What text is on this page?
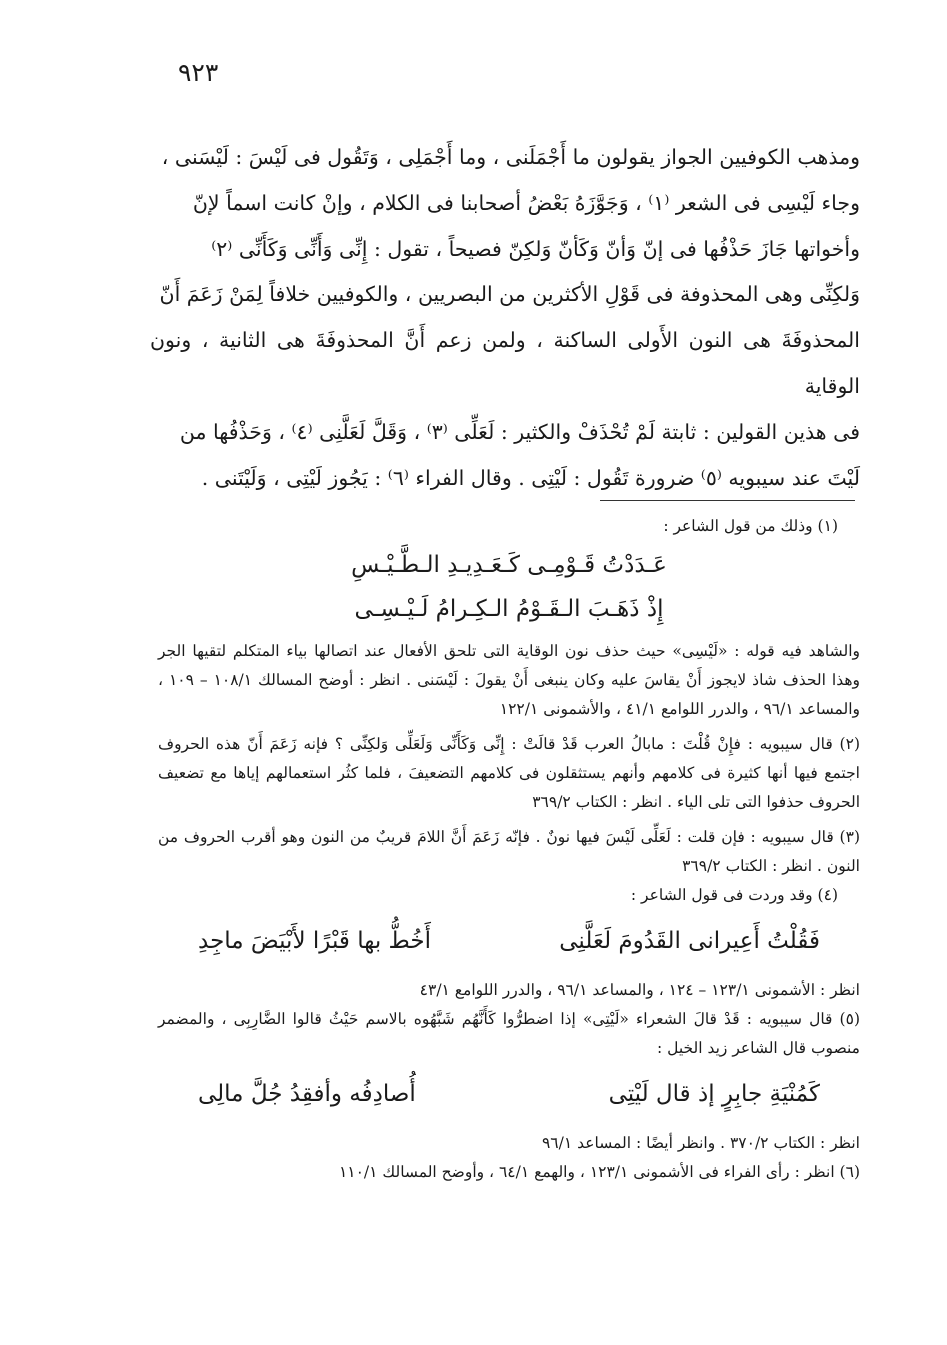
٩٢٣

ومذهب الكوفيين الجواز يقولون ما أَجْمَلَنى ، وما أَجْمَلِى ، وَتَقُول فى لَيْسَ : لَيْسَنى ،

وجاء لَيْسِى فى الشعر ⁽١⁾ ، وَجَوَّزَهُ بَعْضُ أصحابنا فى الكلام ، وإنْ كانت اسماً لإنّ

وأخواتها جَازَ حَذْفُها فى إنّ وَأنّ وَكَأنّ وَلكِنّ فصيحاً ، تقول : إِنِّى وَأَنِّى وَكَأَنِّى ⁽٢⁾

وَلكِنِّى وهى المحذوفة فى قَوْلِ الأكثرين من البصريين ، والكوفيين خلافاً لِمَنْ زَعَمَ أَنّ

المحذوفَةَ هى النون الأَولى الساكنة ، ولمن زعم أَنَّ المحذوفَةَ هى الثانية ، ونون الوقاية

فى هذين القولين : ثابتة لَمْ تُحْذَفْ والكثير : لَعَلِّى ⁽٣⁾ ، وَقَلَّ لَعَلَّنِى ⁽٤⁾ ، وَحَذْفُها من

لَيْتَ عند سيبويه ⁽٥⁾ ضرورة تَقُول : لَيْتِى . وقال الفراء ⁽٦⁾ : يَجُوز لَيْتِى ، وَلَيْتَنى .

(١) وذلك من قول الشاعر :

عَـدَدْتُ قَـوْمِـى كَـعَـدِيـدِ الـطَّـيْـسِ
إِذْ ذَهَـبَ الـقَـوْمُ الـكِـرامُ لَـيْـسِـى

والشاهد فيه قوله : «لَيْسِى» حيث حذف نون الوقاية التى تلحق الأفعال عند اتصالها بياء المتكلم لتقيها الجر وهذا الحذف شاذ لايجوز أَنْ يقاسَ عليه وكان ينبغى أَنْ يقولَ : لَيْسَنى . انظر : أوضح المسالك ١٠٨/١ – ١٠٩ ، والمساعد ٩٦/١ ، والدرر اللوامع ٤١/١ ، والأشمونى ١٢٢/١

(٢) قال سيبويه : فإِنْ قُلْتَ : مابالُ العرب قَدْ قالَتْ : إِنِّى وَكَأَنِّى وَلَعَلِّى وَلكِنِّى ؟ فإنه زَعَمَ أَنّ هذه الحروف اجتمع فيها أنها كثيرة فى كلامهم وأنهم يستثقلون فى كلامهم التضعيفَ ، فلما كثُر استعمالهم إياها مع تضعيف الحروف حذفوا التى تلى الياء . انظر : الكتاب ٣٦٩/٢

(٣) قال سيبويه : فإن قلت : لَعَلِّى لَيْسَ فيها نونٌ . فإنّه زَعَمَ أَنَّ اللامَ قريبٌ من النون وهو أقرب الحروف من النون . انظر : الكتاب ٣٦٩/٢

(٤) وقد وردت فى قول الشاعر :

فَقُلْتُ أَعِيرانى القَدُومَ لَعَلَّنِى
أَخُطُّ بها قَبْرًا لأَبْيَضَ ماجِدِ

انظر : الأشمونى ١٢٣/١ – ١٢٤ ، والمساعد ٩٦/١ ، والدرر اللوامع ٤٣/١

(٥) قال سيبويه : قَدْ قالَ الشعراء «لَيْتِى» إذا اضطرُّوا كَأَنَّهُم شَبَّهُوه بالاسم حَيْثُ قالوا الضَّارِبِى ، والمضمر منصوب قال الشاعر زيد الخيل :

كَمُنْيَةِ جابِرٍ إذ قال لَيْتِى
أُصادِفُه وأفقِدُ جُلَّ مالِى

انظر : الكتاب ٣٧٠/٢ . وانظر أيضًا : المساعد ٩٦/١

(٦) انظر : رأى الفراء فى الأشمونى ١٢٣/١ ، والهمع ٦٤/١ ، وأوضح المسالك ١١٠/١
